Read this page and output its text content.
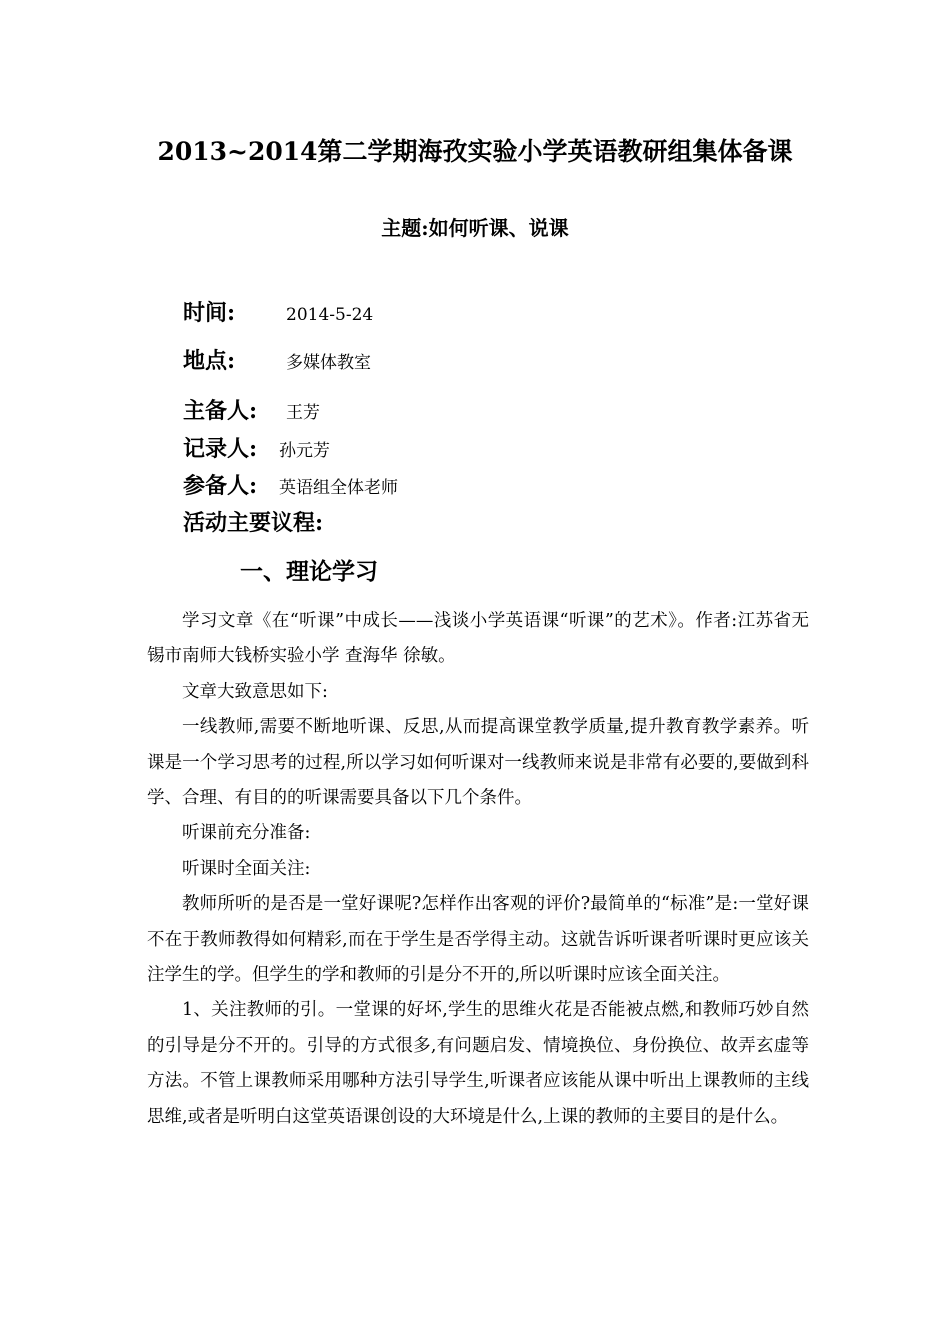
2013~2014第二学期海孜实验小学英语教研组集体备课
主题:如何听课、说课
时间:	2014-5-24
地点:	多媒体教室
主备人: 王芳
记录人: 孙元芳
参备人: 英语组全体老师
活动主要议程:
一、理论学习

学习文章《在“听课”中成长——浅谈小学英语课“听课”的艺术》。作者:江苏省无锡市南师大钱桥实验小学 查海华 徐敏。

文章大致意思如下:

一线教师,需要不断地听课、反思,从而提高课堂教学质量,提升教育教学素养。听课是一个学习思考的过程,所以学习如何听课对一线教师来说是非常有必要的,要做到科学、合理、有目的的听课需要具备以下几个条件。

听课前充分准备:

听课时全面关注:

教师所听的是否是一堂好课呢?怎样作出客观的评价?最简单的“标准”是:一堂好课不在于教师教得如何精彩,而在于学生是否学得主动。这就告诉听课者听课时更应该关注学生的学。但学生的学和教师的引是分不开的,所以听课时应该全面关注。

1、关注教师的引。一堂课的好坏,学生的思维火花是否能被点燃,和教师巧妙自然的引导是分不开的。引导的方式很多,有问题启发、情境换位、身份换位、故弄玄虚等方法。不管上课教师采用哪种方法引导学生,听课者应该能从课中听出上课教师的主线思维,或者是听明白这堂英语课创设的大环境是什么,上课的教师的主要目的是什么。
